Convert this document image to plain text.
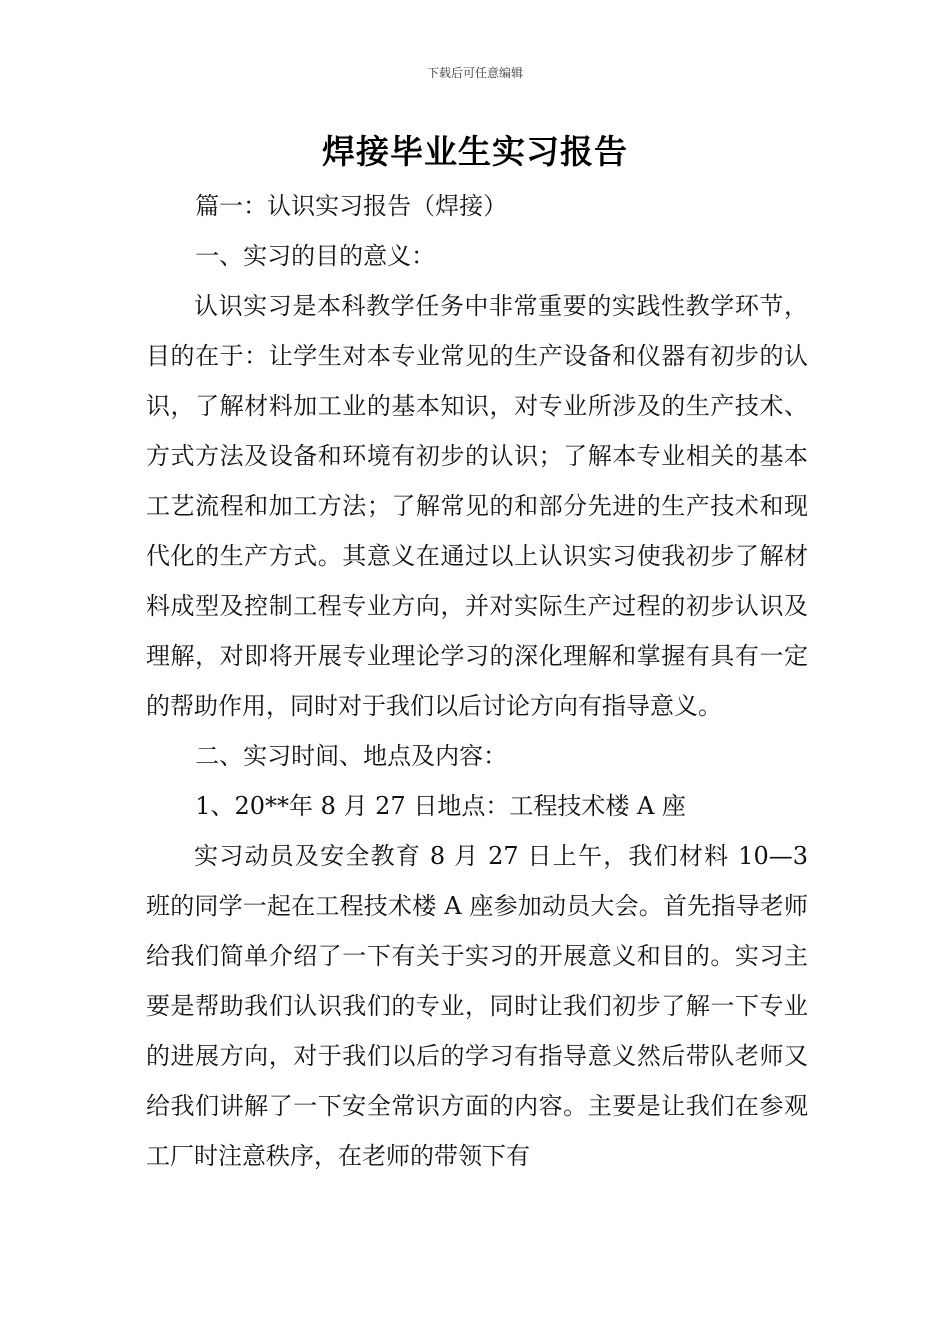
下载后可任意编辑
焊接毕业生实习报告

篇一：认识实习报告（焊接）

一、实习的目的意义：

认识实习是本科教学任务中非常重要的实践性教学环节，目的在于：让学生对本专业常见的生产设备和仪器有初步的认识，了解材料加工业的基本知识，对专业所涉及的生产技术、方式方法及设备和环境有初步的认识；了解本专业相关的基本工艺流程和加工方法；了解常见的和部分先进的生产技术和现代化的生产方式。其意义在通过以上认识实习使我初步了解材料成型及控制工程专业方向，并对实际生产过程的初步认识及理解，对即将开展专业理论学习的深化理解和掌握有具有一定的帮助作用，同时对于我们以后讨论方向有指导意义。

二、实习时间、地点及内容：

1、20**年 8 月 27 日地点：工程技术楼 A 座

实习动员及安全教育 8 月 27 日上午，我们材料 10—3 班的同学一起在工程技术楼 A 座参加动员大会。首先指导老师给我们简单介绍了一下有关于实习的开展意义和目的。实习主要是帮助我们认识我们的专业，同时让我们初步了解一下专业的进展方向，对于我们以后的学习有指导意义然后带队老师又给我们讲解了一下安全常识方面的内容。主要是让我们在参观工厂时注意秩序，在老师的带领下有
